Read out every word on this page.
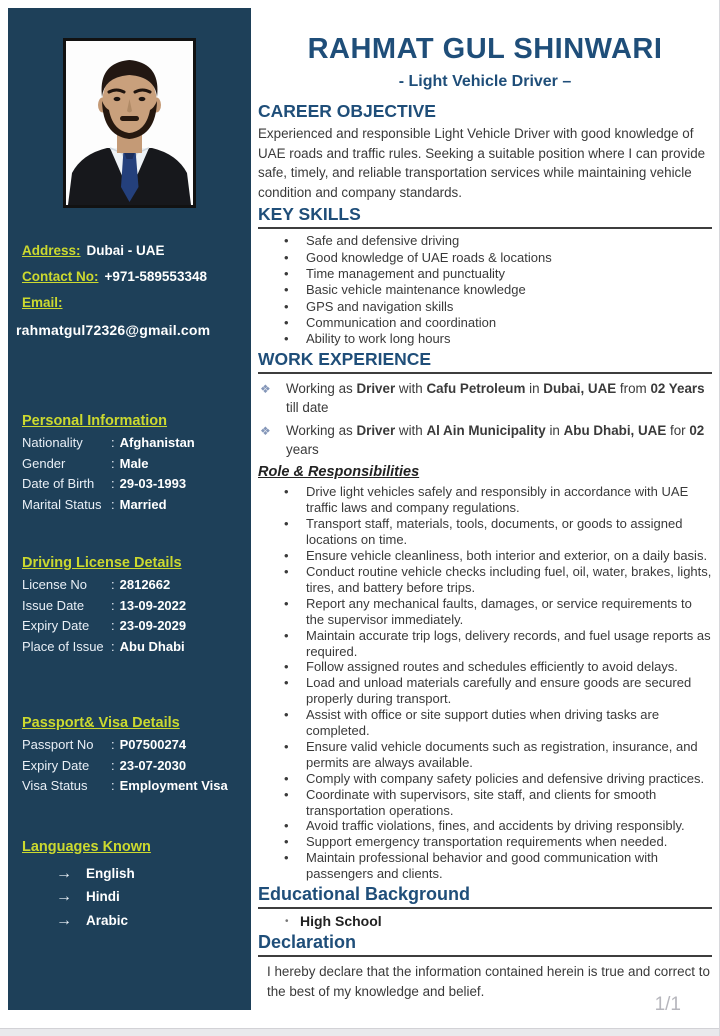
Address: Dubai - UAE
Contact No: +971-589553348
Email:
rahmatgul72326@gmail.com
Personal Information
Nationality : Afghanistan
Gender	: Male
Date of Birth : 29-03-1993
Marital Status : Married
Driving License Details
License No : 2812662
Issue Date : 13-09-2022
Expiry Date : 23-09-2029
Place of Issue : Abu Dhabi
Passport& Visa Details
Passport No : P07500274
Expiry Date : 23-07-2030
Visa Status : Employment Visa
Languages Known
→ English
→ Hindi
→ Arabic
RAHMAT GUL SHINWARI
- Light Vehicle Driver –
CAREER OBJECTIVE

Experienced and responsible Light Vehicle Driver with good knowledge of UAE roads and traffic rules. Seeking a suitable position where I can provide safe, timely, and reliable transportation services while maintaining vehicle condition and company standards.

KEY SKILLS
• Safe and defensive driving
• Good knowledge of UAE roads & locations
• Time management and punctuality
• Basic vehicle maintenance knowledge
• GPS and navigation skills
• Communication and coordination
• Ability to work long hours
WORK EXPERIENCE
❖ Working as Driver with Cafu Petroleum in Dubai, UAE from 02 Years till date
❖ Working as Driver with Al Ain Municipality in Abu Dhabi, UAE for 02 years
Role & Responsibilities
• Drive light vehicles safely and responsibly in accordance with UAE traffic laws and company regulations.
• Transport staff, materials, tools, documents, or goods to assigned locations on time.
• Ensure vehicle cleanliness, both interior and exterior, on a daily basis.
• Conduct routine vehicle checks including fuel, oil, water, brakes, lights, tires, and battery before trips.
• Report any mechanical faults, damages, or service requirements to the supervisor immediately.
• Maintain accurate trip logs, delivery records, and fuel usage reports as required.
• Follow assigned routes and schedules efficiently to avoid delays.
• Load and unload materials carefully and ensure goods are secured properly during transport.
• Assist with office or site support duties when driving tasks are completed.
• Ensure valid vehicle documents such as registration, insurance, and permits are always available.
• Comply with company safety policies and defensive driving practices.
• Coordinate with supervisors, site staff, and clients for smooth transportation operations.
• Avoid traffic violations, fines, and accidents by driving responsibly.
• Support emergency transportation requirements when needed.
• Maintain professional behavior and good communication with passengers and clients.
Educational Background
• High School
Declaration

I hereby declare that the information contained herein is true and correct to the best of my knowledge and belief.

1/1
